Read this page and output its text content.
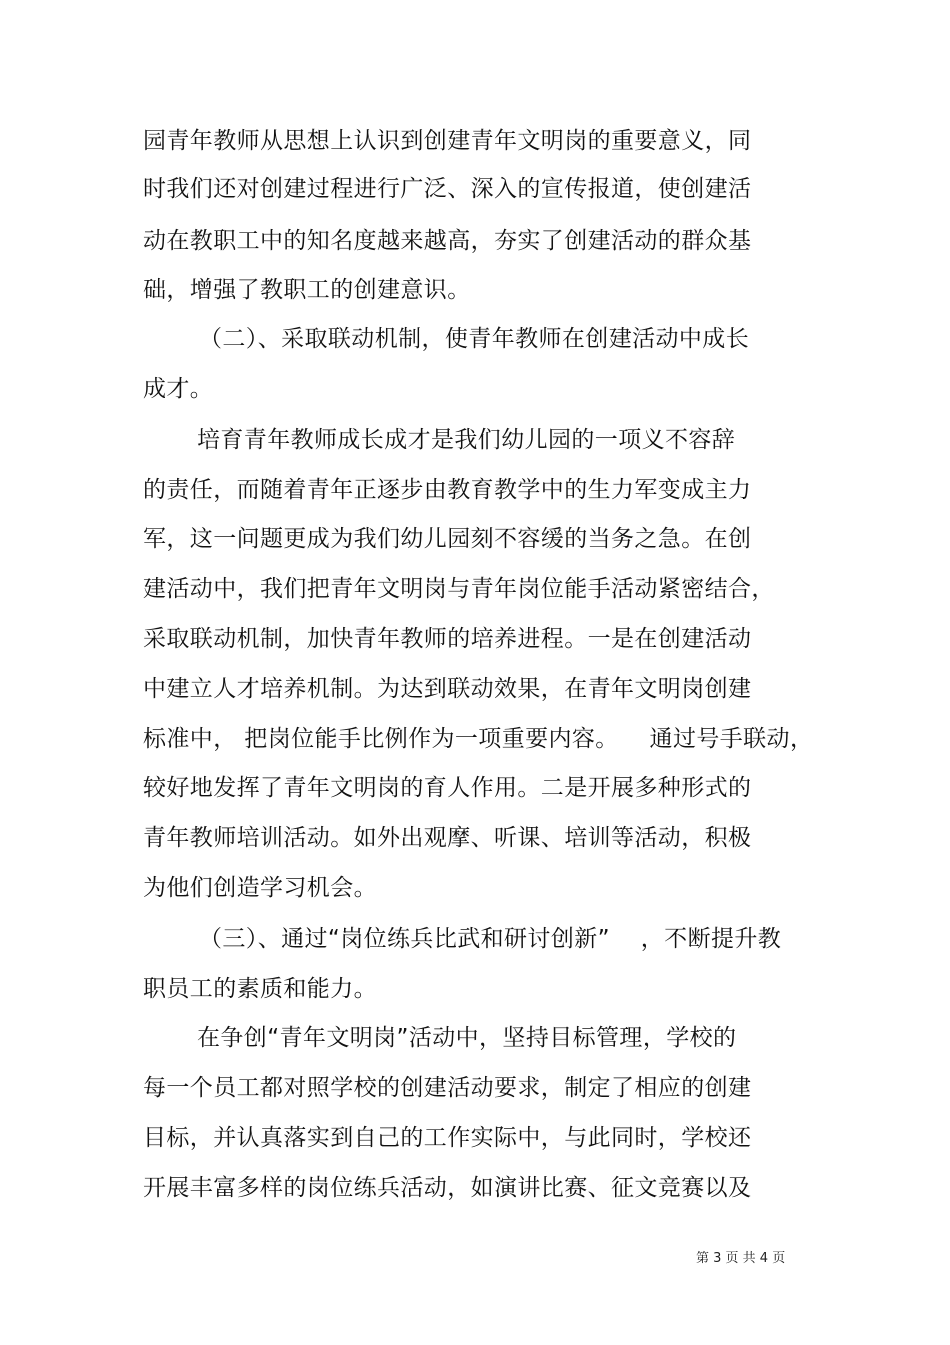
园青年教师从思想上认识到创建青年文明岗的重要意义，同
时我们还对创建过程进行广泛、深入的宣传报道，使创建活
动在教职工中的知名度越来越高，夯实了创建活动的群众基
础，增强了教职工的创建意识。
（二）、采取联动机制，使青年教师在创建活动中成长
成才。
培育青年教师成长成才是我们幼儿园的一项义不容辞
的责任，而随着青年正逐步由教育教学中的生力军变成主力
军，这一问题更成为我们幼儿园刻不容缓的当务之急。在创
建活动中，我们把青年文明岗与青年岗位能手活动紧密结合，
采取联动机制，加快青年教师的培养进程。一是在创建活动
中建立人才培养机制。为达到联动效果，在青年文明岗创建
标准中， 把岗位能手比例作为一项重要内容。    通过号手联动，
较好地发挥了青年文明岗的育人作用。二是开展多种形式的
青年教师培训活动。如外出观摩、听课、培训等活动，积极
为他们创造学习机会。
（三）、通过“岗位练兵比武和研讨创新”    ，不断提升教
职员工的素质和能力。
在争创“青年文明岗”活动中，坚持目标管理，学校的
每一个员工都对照学校的创建活动要求，制定了相应的创建
目标，并认真落实到自己的工作实际中，与此同时，学校还
开展丰富多样的岗位练兵活动，如演讲比赛、征文竞赛以及
第 3 页 共 4 页
